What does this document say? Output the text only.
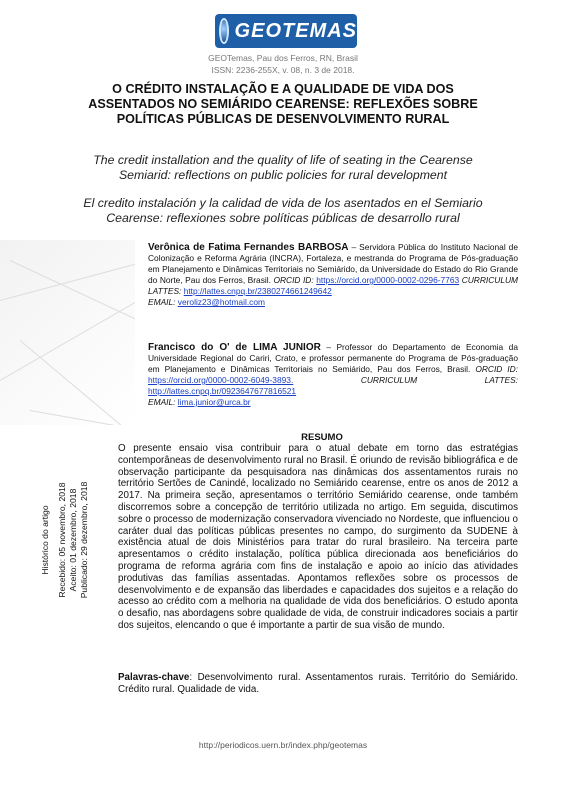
GEOTEMAS
GEOTemas, Pau dos Ferros, RN, Brasil
ISSN: 2236-255X, v. 08, n. 3 de 2018.
O CRÉDITO INSTALAÇÃO E A QUALIDADE DE VIDA DOS
ASSENTADOS NO SEMIÁRIDO CEARENSE: REFLEXÕES SOBRE
POLÍTICAS PÚBLICAS DE DESENVOLVIMENTO RURAL
The credit installation and the quality of life of seating in the Cearense
Semiarid: reflections on public policies for rural development
El credito instalación y la calidad de vida de los asentados en el Semiario
Cearense: reflexiones sobre políticas públicas de desarrollo rural
Verônica de Fatima Fernandes BARBOSA – Servidora Pública do Instituto Nacional de Colonização e Reforma Agrária (INCRA), Fortaleza, e mestranda do Programa de Pós-graduação em Planejamento e Dinâmicas Territoriais no Semiárido, da Universidade do Estado do Rio Grande do Norte, Pau dos Ferros, Brasil. ORCID ID: https://orcid.org/0000-0002-0296-7763 CURRICULUM LATTES: http://lattes.cnpq.br/2380274661249642
EMAIL: veroliz23@hotmail.com
Francisco do O' de LIMA JUNIOR – Professor do Departamento de Economia da Universidade Regional do Cariri, Crato, e professor permanente do Programa de Pós-graduação em Planejamento e Dinâmicas Territoriais no Semiárido, Pau dos Ferros, Brasil. ORCID ID: https://orcid.org/0000-0002-6049-3893.	CURRICULUM LATTES: http://lattes.cnpq.br/0923647677816521
EMAIL: lima.junior@urca.br
Histórico do artigo Recebido: 05 novembro, 2018 Aceito: 01 dezembro, 2018 Publicado: 29 dezembro, 2018
RESUMO
O presente ensaio visa contribuir para o atual debate em torno das estratégias contemporâneas de desenvolvimento rural no Brasil. É oriundo de revisão bibliográfica e de observação participante da pesquisadora nas dinâmicas dos assentamentos rurais no território Sertões de Canindé, localizado no Semiárido cearense, entre os anos de 2012 a 2017. Na primeira seção, apresentamos o território Semiárido cearense, onde também discorremos sobre a concepção de território utilizada no artigo. Em seguida, discutimos sobre o processo de modernização conservadora vivenciado no Nordeste, que influenciou o caráter dual das políticas públicas presentes no campo, do surgimento da SUDENE à existência atual de dois Ministérios para tratar do rural brasileiro. Na terceira parte apresentamos o crédito instalação, política pública direcionada aos beneficiários do programa de reforma agrária com fins de instalação e apoio ao início das atividades produtivas das famílias assentadas. Apontamos reflexões sobre os processos de desenvolvimento e de expansão das liberdades e capacidades dos sujeitos e a relação do acesso ao crédito com a melhoria na qualidade de vida dos beneficiários. O estudo aponta o desafio, nas abordagens sobre qualidade de vida, de construir indicadores sociais a partir dos sujeitos, elencando o que é importante a partir de sua visão de mundo.
Palavras-chave: Desenvolvimento rural. Assentamentos rurais. Território do Semiárido. Crédito rural. Qualidade de vida.
http://periodicos.uern.br/index.php/geotemas
